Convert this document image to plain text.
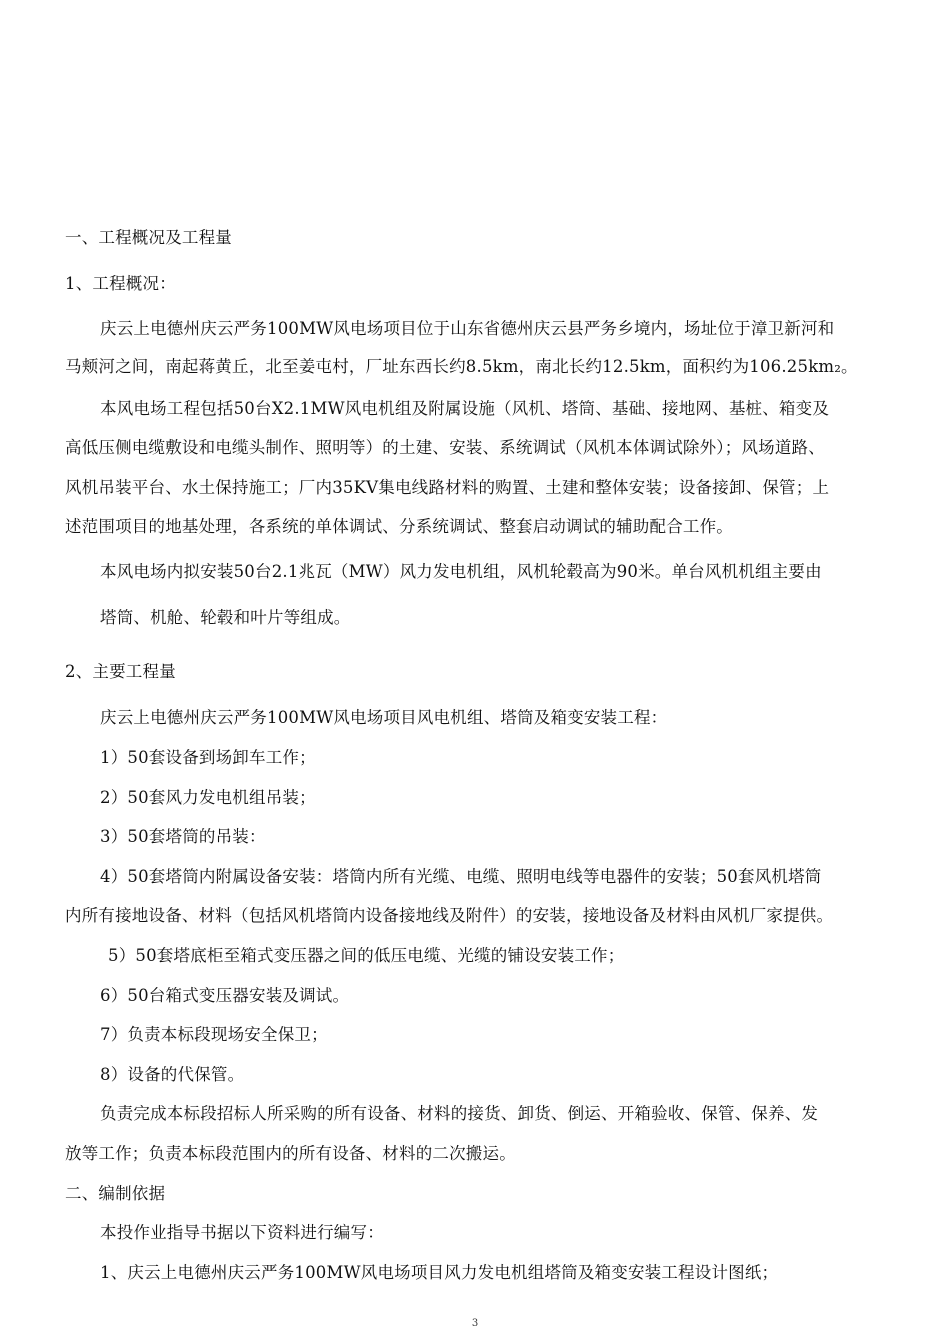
一、工程概况及工程量
1、工程概况：
庆云上电德州庆云严务100MW风电场项目位于山东省德州庆云县严务乡境内，场址位于漳卫新河和
马颊河之间，南起蒋黄丘，北至姜屯村，厂址东西长约8.5km，南北长约12.5km，面积约为106.25km₂。
本风电场工程包括50台X2.1MW风电机组及附属设施（风机、塔筒、基础、接地网、基桩、箱变及
高低压侧电缆敷设和电缆头制作、照明等）的土建、安装、系统调试（风机本体调试除外）；风场道路、
风机吊装平台、水土保持施工；厂内35KV集电线路材料的购置、土建和整体安装；设备接卸、保管；上
述范围项目的地基处理，各系统的单体调试、分系统调试、整套启动调试的辅助配合工作。
本风电场内拟安装50台2.1兆瓦（MW）风力发电机组，风机轮毂高为90米。单台风机机组主要由
塔筒、机舱、轮毂和叶片等组成。
2、主要工程量
庆云上电德州庆云严务100MW风电场项目风电机组、塔筒及箱变安装工程：
1）50套设备到场卸车工作；
2）50套风力发电机组吊装；
3）50套塔筒的吊装：
4）50套塔筒内附属设备安装：塔筒内所有光缆、电缆、照明电线等电器件的安装；50套风机塔筒
内所有接地设备、材料（包括风机塔筒内设备接地线及附件）的安装，接地设备及材料由风机厂家提供。
5）50套塔底柜至箱式变压器之间的低压电缆、光缆的铺设安装工作；
6）50台箱式变压器安装及调试。
7）负责本标段现场安全保卫；
8）设备的代保管。
负责完成本标段招标人所采购的所有设备、材料的接货、卸货、倒运、开箱验收、保管、保养、发
放等工作；负责本标段范围内的所有设备、材料的二次搬运。
二、编制依据
本投作业指导书据以下资料进行编写：
1、庆云上电德州庆云严务100MW风电场项目风力发电机组塔筒及箱变安装工程设计图纸；
3
